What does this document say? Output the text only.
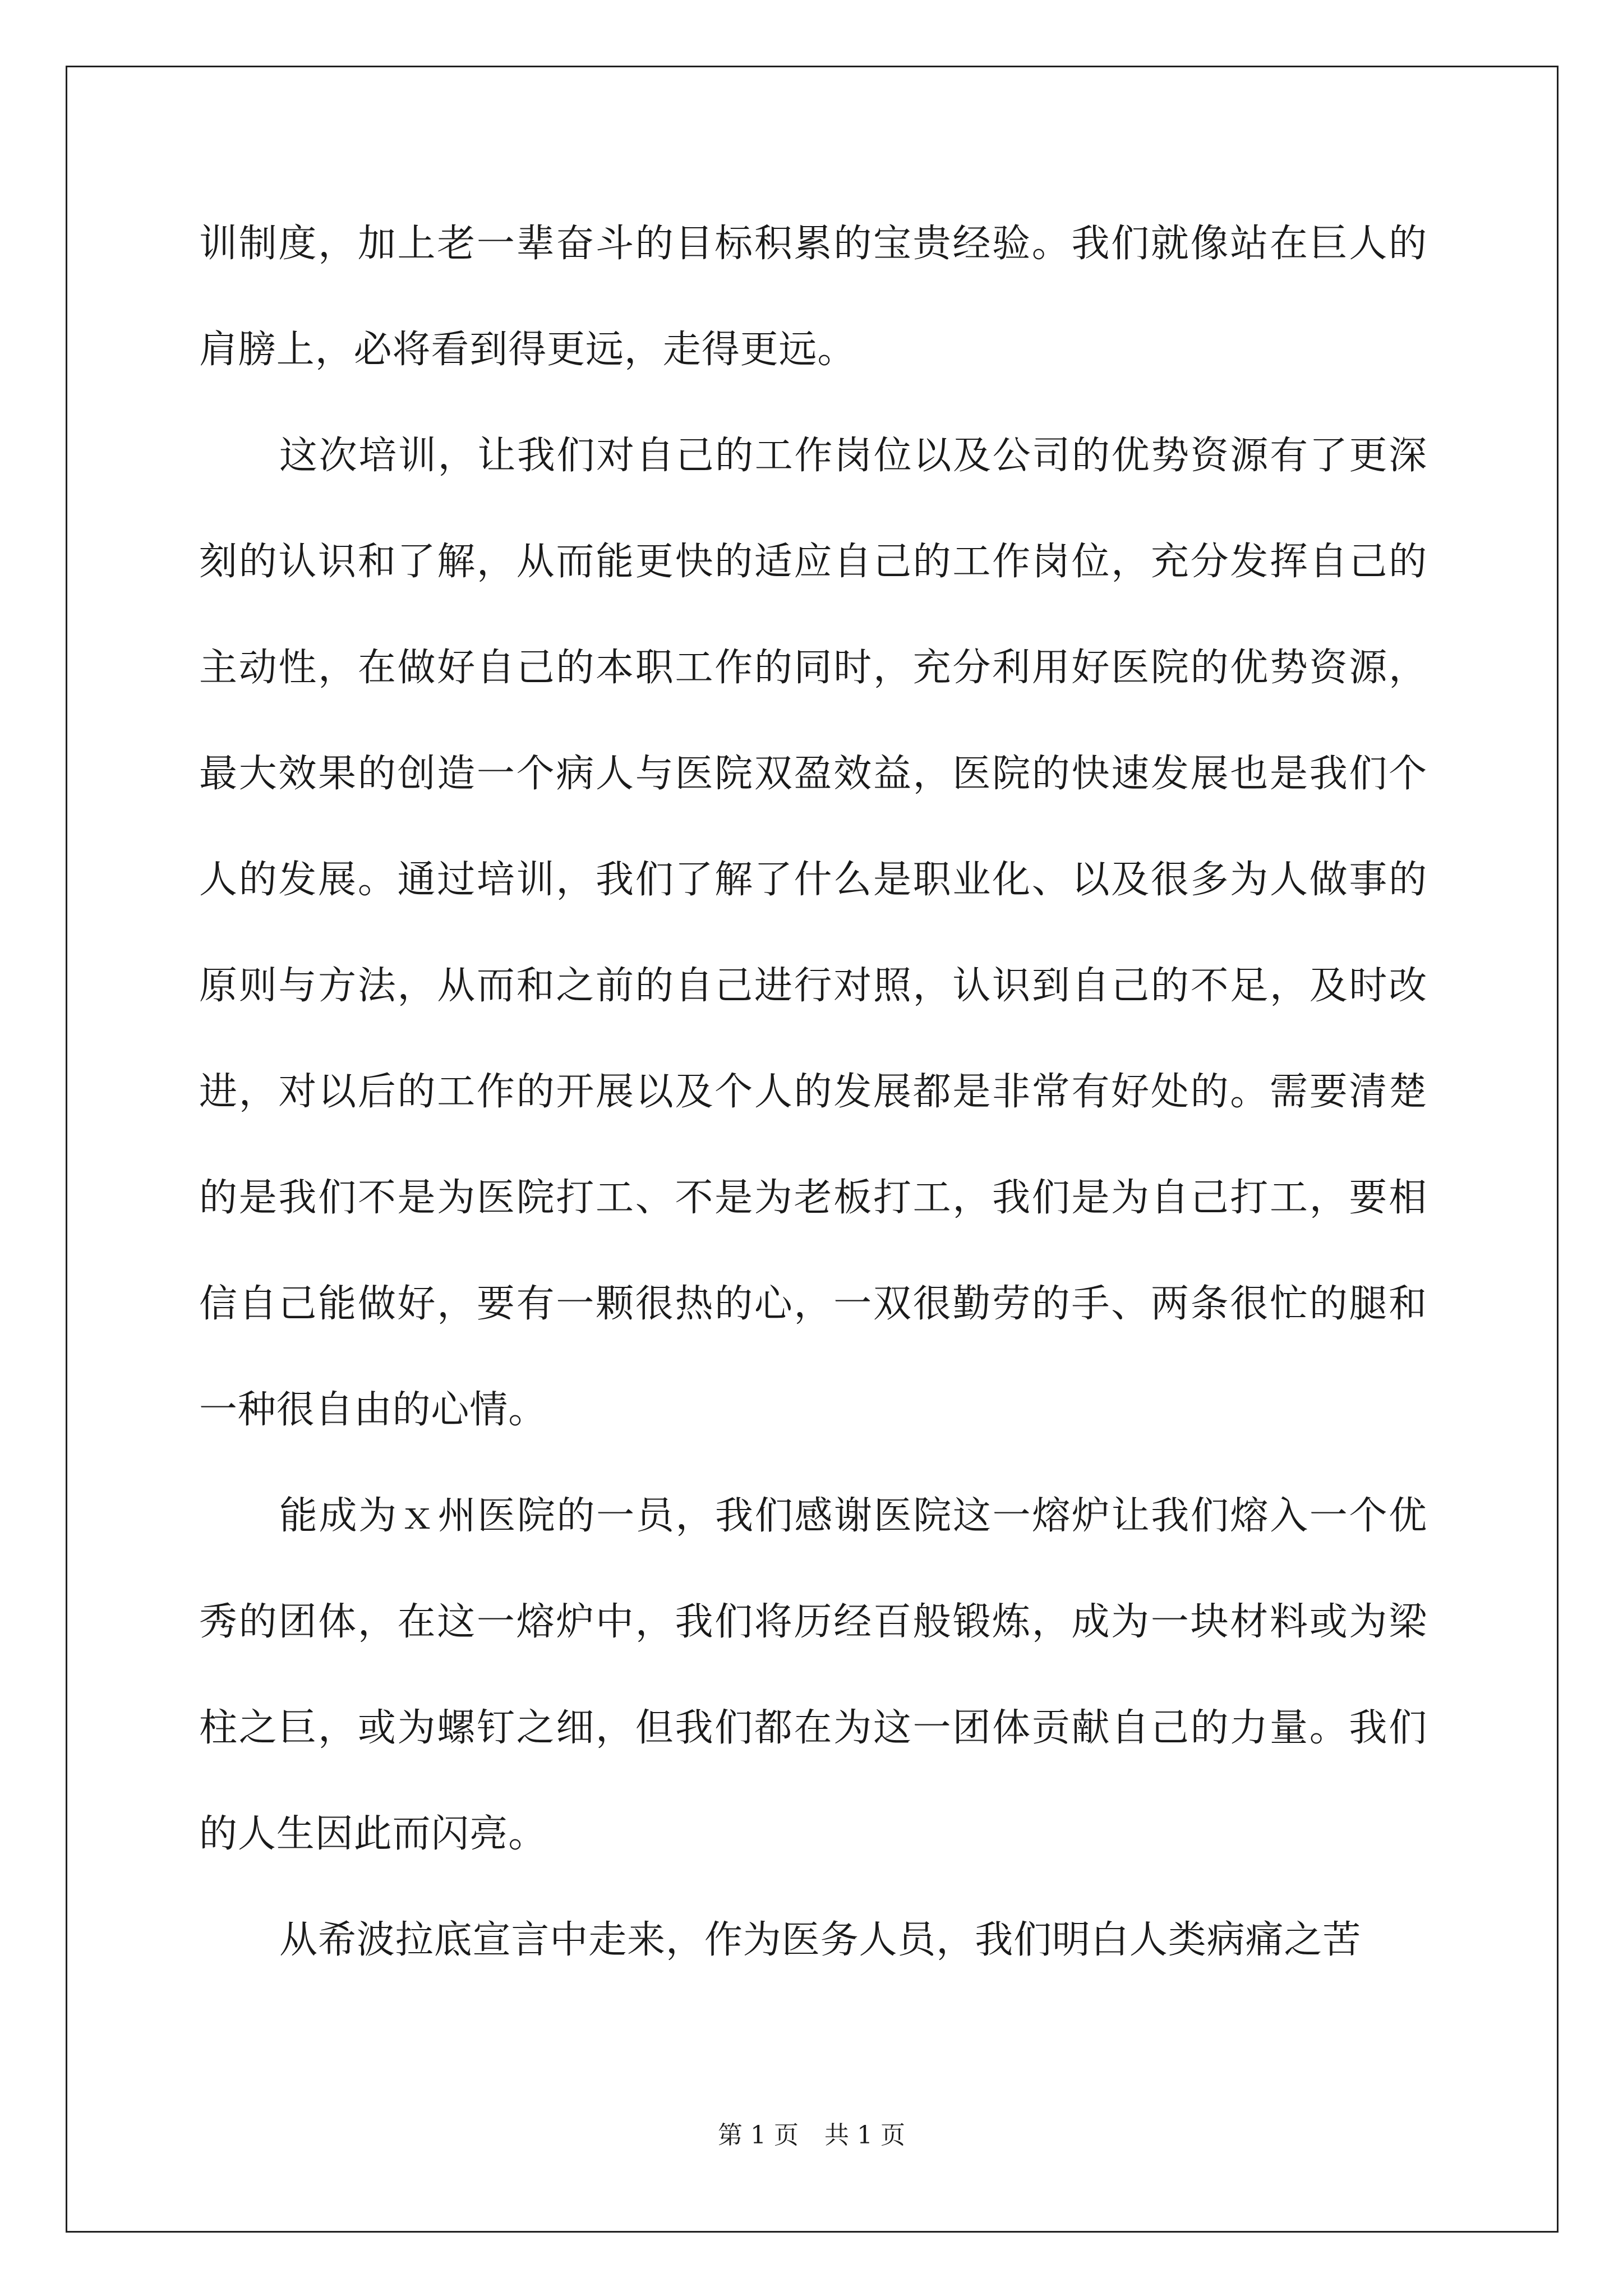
训制度，加上老一辈奋斗的目标积累的宝贵经验。我们就像站在巨人的肩膀上，必将看到得更远，走得更远。

这次培训，让我们对自己的工作岗位以及公司的优势资源有了更深刻的认识和了解，从而能更快的适应自己的工作岗位，充分发挥自己的主动性，在做好自己的本职工作的同时，充分利用好医院的优势资源，最大效果的创造一个病人与医院双盈效益，医院的快速发展也是我们个人的发展。通过培训，我们了解了什么是职业化、以及很多为人做事的原则与方法，从而和之前的自己进行对照，认识到自己的不足，及时改进，对以后的工作的开展以及个人的发展都是非常有好处的。需要清楚的是我们不是为医院打工、不是为老板打工，我们是为自己打工，要相信自己能做好，要有一颗很热的心，一双很勤劳的手、两条很忙的腿和一种很自由的心情。

能成为ｘ州医院的一员，我们感谢医院这一熔炉让我们熔入一个优秀的团体，在这一熔炉中，我们将历经百般锻炼，成为一块材料或为梁柱之巨，或为螺钉之细，但我们都在为这一团体贡献自己的力量。我们的人生因此而闪亮。

从希波拉底宣言中走来，作为医务人员，我们明白人类病痛之苦

第 1 页 共 1 页
